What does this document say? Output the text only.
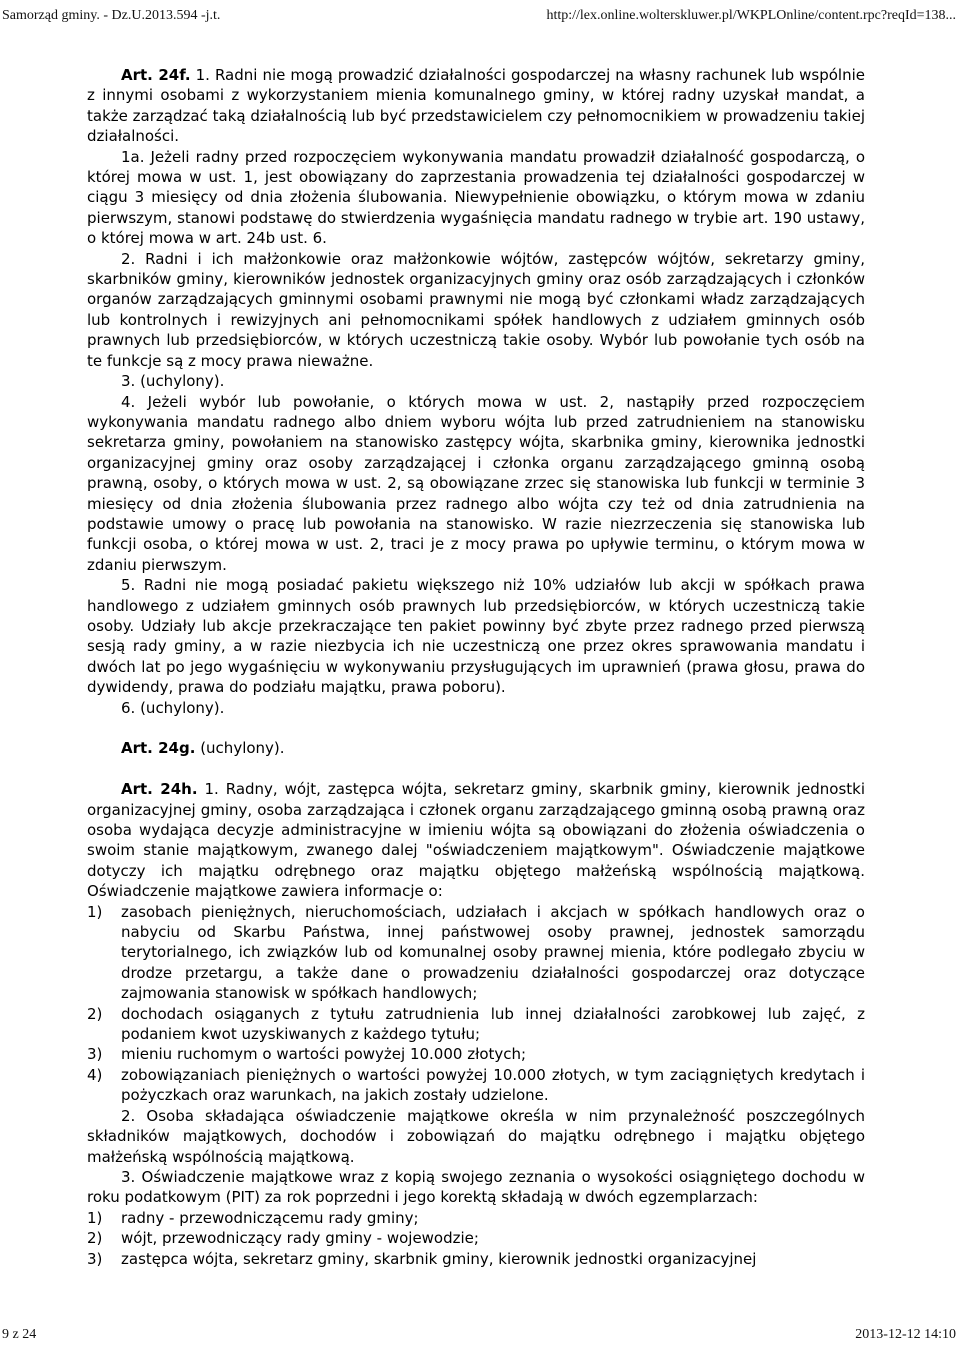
Samorząd gminy. - Dz.U.2013.594 -j.t.	http://lex.online.wolterskluwer.pl/WKPLOnline/content.rpc?reqId=138...

Art. 24f. 1. Radni nie mogą prowadzić działalności gospodarczej na własny rachunek lub wspólnie z innymi osobami z wykorzystaniem mienia komunalnego gminy, w której radny uzyskał mandat, a także zarządzać taką działalnością lub być przedstawicielem czy pełnomocnikiem w prowadzeniu takiej działalności.

1a. Jeżeli radny przed rozpoczęciem wykonywania mandatu prowadził działalność gospodarczą, o której mowa w ust. 1, jest obowiązany do zaprzestania prowadzenia tej działalności gospodarczej w ciągu 3 miesięcy od dnia złożenia ślubowania. Niewypełnienie obowiązku, o którym mowa w zdaniu pierwszym, stanowi podstawę do stwierdzenia wygaśnięcia mandatu radnego w trybie art. 190 ustawy, o której mowa w art. 24b ust. 6.

2. Radni i ich małżonkowie oraz małżonkowie wójtów, zastępców wójtów, sekretarzy gminy, skarbników gminy, kierowników jednostek organizacyjnych gminy oraz osób zarządzających i członków organów zarządzających gminnymi osobami prawnymi nie mogą być członkami władz zarządzających lub kontrolnych i rewizyjnych ani pełnomocnikami spółek handlowych z udziałem gminnych osób prawnych lub przedsiębiorców, w których uczestniczą takie osoby. Wybór lub powołanie tych osób na te funkcje są z mocy prawa nieważne.

3. (uchylony).

4. Jeżeli wybór lub powołanie, o których mowa w ust. 2, nastąpiły przed rozpoczęciem wykonywania mandatu radnego albo dniem wyboru wójta lub przed zatrudnieniem na stanowisku sekretarza gminy, powołaniem na stanowisko zastępcy wójta, skarbnika gminy, kierownika jednostki organizacyjnej gminy oraz osoby zarządzającej i członka organu zarządzającego gminną osobą prawną, osoby, o których mowa w ust. 2, są obowiązane zrzec się stanowiska lub funkcji w terminie 3 miesięcy od dnia złożenia ślubowania przez radnego albo wójta czy też od dnia zatrudnienia na podstawie umowy o pracę lub powołania na stanowisko. W razie niezrzeczenia się stanowiska lub funkcji osoba, o której mowa w ust. 2, traci je z mocy prawa po upływie terminu, o którym mowa w zdaniu pierwszym.

5. Radni nie mogą posiadać pakietu większego niż 10% udziałów lub akcji w spółkach prawa handlowego z udziałem gminnych osób prawnych lub przedsiębiorców, w których uczestniczą takie osoby. Udziały lub akcje przekraczające ten pakiet powinny być zbyte przez radnego przed pierwszą sesją rady gminy, a w razie niezbycia ich nie uczestniczą one przez okres sprawowania mandatu i dwóch lat po jego wygaśnięciu w wykonywaniu przysługujących im uprawnień (prawa głosu, prawa do dywidendy, prawa do podziału majątku, prawa poboru).

6. (uchylony).

Art. 24g. (uchylony).

Art. 24h. 1. Radny, wójt, zastępca wójta, sekretarz gminy, skarbnik gminy, kierownik jednostki organizacyjnej gminy, osoba zarządzająca i członek organu zarządzającego gminną osobą prawną oraz osoba wydająca decyzje administracyjne w imieniu wójta są obowiązani do złożenia oświadczenia o swoim stanie majątkowym, zwanego dalej "oświadczeniem majątkowym". Oświadczenie majątkowe dotyczy ich majątku odrębnego oraz majątku objętego małżeńską wspólnością majątkową. Oświadczenie majątkowe zawiera informacje o:

1) zasobach pieniężnych, nieruchomościach, udziałach i akcjach w spółkach handlowych oraz o nabyciu od Skarbu Państwa, innej państwowej osoby prawnej, jednostek samorządu terytorialnego, ich związków lub od komunalnej osoby prawnej mienia, które podlegało zbyciu w drodze przetargu, a także dane o prowadzeniu działalności gospodarczej oraz dotyczące zajmowania stanowisk w spółkach handlowych;
2) dochodach osiąganych z tytułu zatrudnienia lub innej działalności zarobkowej lub zajęć, z podaniem kwot uzyskiwanych z każdego tytułu;
3) mieniu ruchomym o wartości powyżej 10.000 złotych;
4) zobowiązaniach pieniężnych o wartości powyżej 10.000 złotych, w tym zaciągniętych kredytach i pożyczkach oraz warunkach, na jakich zostały udzielone.

2. Osoba składająca oświadczenie majątkowe określa w nim przynależność poszczególnych składników majątkowych, dochodów i zobowiązań do majątku odrębnego i majątku objętego małżeńską wspólnością majątkową.

3. Oświadczenie majątkowe wraz z kopią swojego zeznania o wysokości osiągniętego dochodu w roku podatkowym (PIT) za rok poprzedni i jego korektą składają w dwóch egzemplarzach:

1) radny - przewodniczącemu rady gminy;
2) wójt, przewodniczący rady gminy - wojewodzie;
3) zastępca wójta, sekretarz gminy, skarbnik gminy, kierownik jednostki organizacyjnej
9 z 24	2013-12-12 14:10
